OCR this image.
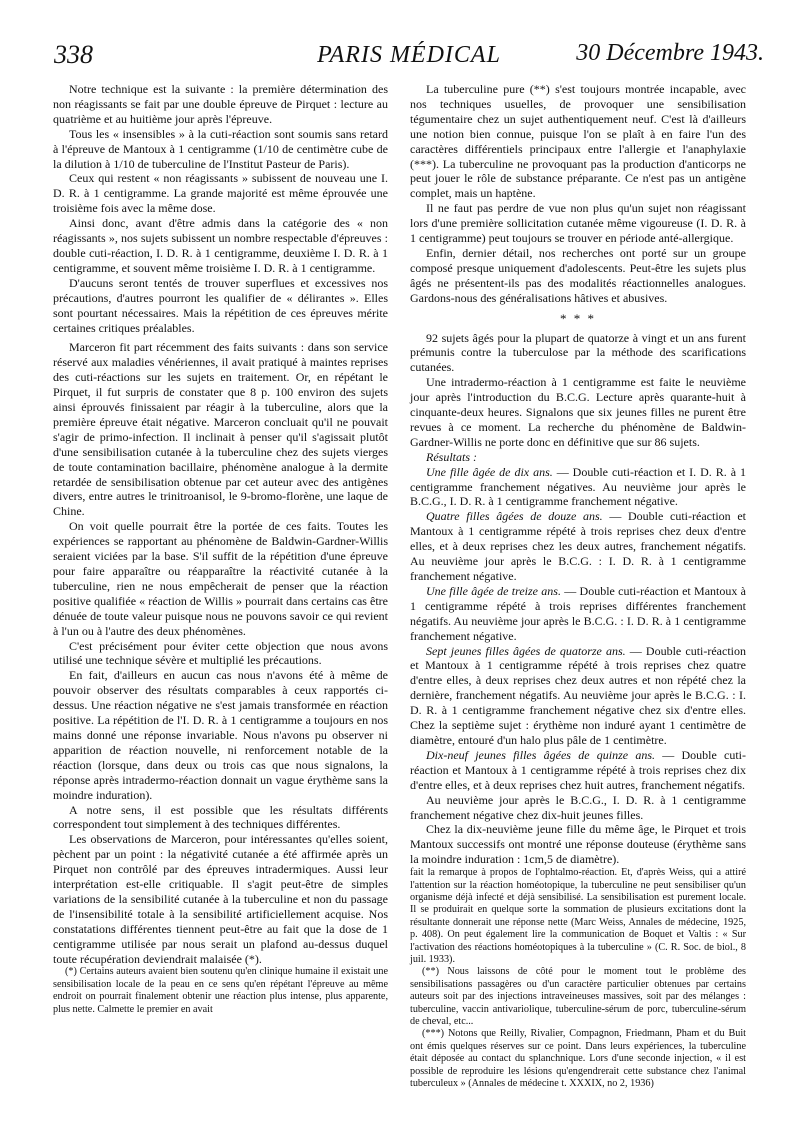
338	PARIS MÉDICAL	30 Décembre 1943.

Notre technique est la suivante : la première détermination des non réagissants se fait par une double épreuve de Pirquet : lecture au quatrième et au huitième jour après l'épreuve.

Tous les « insensibles » à la cuti-réaction sont soumis sans retard à l'épreuve de Mantoux à 1 centigramme (1/10 de centimètre cube de la dilution à 1/10 de tuberculine de l'Institut Pasteur de Paris).

Ceux qui restent « non réagissants » subissent de nouveau une I. D. R. à 1 centigramme. La grande majorité est même éprouvée une troisième fois avec la même dose.

Ainsi donc, avant d'être admis dans la catégorie des « non réagissants », nos sujets subissent un nombre respectable d'épreuves : double cuti-réaction, I. D. R. à 1 centigramme, deuxième I. D. R. à 1 centigramme, et souvent même troisième I. D. R. à 1 centigramme.

D'aucuns seront tentés de trouver superflues et excessives nos précautions, d'autres pourront les qualifier de « délirantes ». Elles sont pourtant nécessaires. Mais la répétition de ces épreuves mérite certaines critiques préalables.

Marceron fit part récemment des faits suivants : dans son service réservé aux maladies vénériennes, il avait pratiqué à maintes reprises des cuti-réactions sur les sujets en traitement. Or, en répétant le Pirquet, il fut surpris de constater que 8 p. 100 environ des sujets ainsi éprouvés finissaient par réagir à la tuberculine, alors que la première épreuve était négative. Marceron concluait qu'il ne pouvait s'agir de primo-infection. Il inclinait à penser qu'il s'agissait plutôt d'une sensibilisation cutanée à la tuberculine chez des sujets vierges de toute contamination bacillaire, phénomène analogue à la dermite retardée de sensibilisation obtenue par cet auteur avec des antigènes divers, entre autres le trinitroanisol, le 9-bromo-florène, une laque de Chine.

On voit quelle pourrait être la portée de ces faits. Toutes les expériences se rapportant au phénomène de Baldwin-Gardner-Willis seraient viciées par la base. S'il suffit de la répétition d'une épreuve pour faire apparaître ou réapparaître la réactivité cutanée à la tuberculine, rien ne nous empêcherait de penser que la réaction positive qualifiée « réaction de Willis » pourrait dans certains cas être dénuée de toute valeur puisque nous ne pouvons savoir ce qui revient à l'un ou à l'autre des deux phénomènes.

C'est précisément pour éviter cette objection que nous avons utilisé une technique sévère et multiplié les précautions.

En fait, d'ailleurs en aucun cas nous n'avons été à même de pouvoir observer des résultats comparables à ceux rapportés ci-dessus. Une réaction négative ne s'est jamais transformée en réaction positive. La répétition de l'I. D. R. à 1 centigramme a toujours en nos mains donné une réponse invariable. Nous n'avons pu observer ni apparition de réaction nouvelle, ni renforcement notable de la réaction (lorsque, dans deux ou trois cas que nous signalons, la réponse après intradermo-réaction donnait un vague érythème sans la moindre induration).

A notre sens, il est possible que les résultats différents correspondent tout simplement à des techniques différentes.

Les observations de Marceron, pour intéressantes qu'elles soient, pèchent par un point : la négativité cutanée a été affirmée après un Pirquet non contrôlé par des épreuves intradermiques. Aussi leur interprétation est-elle critiquable. Il s'agit peut-être de simples variations de la sensibilité cutanée à la tuberculine et non du passage de l'insensibilité totale à la sensibilité artificiellement acquise. Nos constatations différentes tiennent peut-être au fait que la dose de 1 centigramme utilisée par nous serait un plafond au-dessus duquel toute récupération deviendrait malaisée (*).

(*) Certains auteurs avaient bien soutenu qu'en clinique humaine il existait une sensibilisation locale de la peau en ce sens qu'en répétant l'épreuve au même endroit on pourrait finalement obtenir une réaction plus intense, plus apparente, plus nette. Calmette le premier en avait

La tuberculine pure (**) s'est toujours montrée incapable, avec nos techniques usuelles, de provoquer une sensibilisation tégumentaire chez un sujet authentiquement neuf. C'est là d'ailleurs une notion bien connue, puisque l'on se plaît à en faire l'un des caractères différentiels principaux entre l'allergie et l'anaphylaxie (***). La tuberculine ne provoquant pas la production d'anticorps ne peut jouer le rôle de substance préparante. Ce n'est pas un antigène complet, mais un haptène.

Il ne faut pas perdre de vue non plus qu'un sujet non réagissant lors d'une première sollicitation cutanée même vigoureuse (I. D. R. à 1 centigramme) peut toujours se trouver en période anté-allergique.

Enfin, dernier détail, nos recherches ont porté sur un groupe composé presque uniquement d'adolescents. Peut-être les sujets plus âgés ne présentent-ils pas des modalités réactionnelles analogues. Gardons-nous des généralisations hâtives et abusives.

* * *

92 sujets âgés pour la plupart de quatorze à vingt et un ans furent prémunis contre la tuberculose par la méthode des scarifications cutanées.

Une intradermo-réaction à 1 centigramme est faite le neuvième jour après l'introduction du B.C.G. Lecture après quarante-huit à cinquante-deux heures. Signalons que six jeunes filles ne purent être revues à ce moment. La recherche du phénomène de Baldwin-Gardner-Willis ne porte donc en définitive que sur 86 sujets.

Résultats :

Une fille âgée de dix ans. — Double cuti-réaction et I. D. R. à 1 centigramme franchement négatives. Au neuvième jour après le B.C.G., I. D. R. à 1 centigramme franchement négative.

Quatre filles âgées de douze ans. — Double cuti-réaction et Mantoux à 1 centigramme répété à trois reprises chez deux d'entre elles, et à deux reprises chez les deux autres, franchement négatifs. Au neuvième jour après le B.C.G. : I. D. R. à 1 centigramme franchement négative.

Une fille âgée de treize ans. — Double cuti-réaction et Mantoux à 1 centigramme répété à trois reprises différentes franchement négatifs. Au neuvième jour après le B.C.G. : I. D. R. à 1 centigramme franchement négative.

Sept jeunes filles âgées de quatorze ans. — Double cuti-réaction et Mantoux à 1 centigramme répété à trois reprises chez quatre d'entre elles, à deux reprises chez deux autres et non répété chez la dernière, franchement négatifs. Au neuvième jour après le B.C.G. : I. D. R. à 1 centigramme franchement négative chez six d'entre elles. Chez la septième sujet : érythème non induré ayant 1 centimètre de diamètre, entouré d'un halo plus pâle de 1 centimètre.

Dix-neuf jeunes filles âgées de quinze ans. — Double cuti-réaction et Mantoux à 1 centigramme répété à trois reprises chez dix d'entre elles, et à deux reprises chez huit autres, franchement négatifs.

Au neuvième jour après le B.C.G., I. D. R. à 1 centigramme franchement négative chez dix-huit jeunes filles.

Chez la dix-neuvième jeune fille du même âge, le Pirquet et trois Mantoux successifs ont montré une réponse douteuse (érythème sans la moindre induration : 1cm,5 de diamètre).

fait la remarque à propos de l'ophtalmo-réaction. Et, d'après Weiss, qui a attiré l'attention sur la réaction homéotopique, la tuberculine ne peut sensibiliser qu'un organisme déjà infecté et déjà sensibilisé. La sensibilisation est purement locale. Il se produirait en quelque sorte la sommation de plusieurs excitations dont la résultante donnerait une réponse nette (Marc Weiss, Annales de médecine, 1925, p. 408). On peut également lire la communication de Boquet et Valtis : « Sur l'activation des réactions homéotopiques à la tuberculine » (C. R. Soc. de biol., 8 juil. 1933).

(**) Nous laissons de côté pour le moment tout le problème des sensibilisations passagères ou d'un caractère particulier obtenues par certains auteurs soit par des injections intraveineuses massives, soit par des mélanges : tuberculine, vaccin antivariolique, tuberculine-sérum de porc, tuberculine-sérum de cheval, etc...

(***) Notons que Reilly, Rivalier, Compagnon, Friedmann, Pham et du Buit ont émis quelques réserves sur ce point. Dans leurs expériences, la tuberculine était déposée au contact du splanchnique. Lors d'une seconde injection, « il est possible de reproduire les lésions qu'engendrerait cette substance chez l'animal tuberculeux » (Annales de médecine t. XXXIX, no 2, 1936)
